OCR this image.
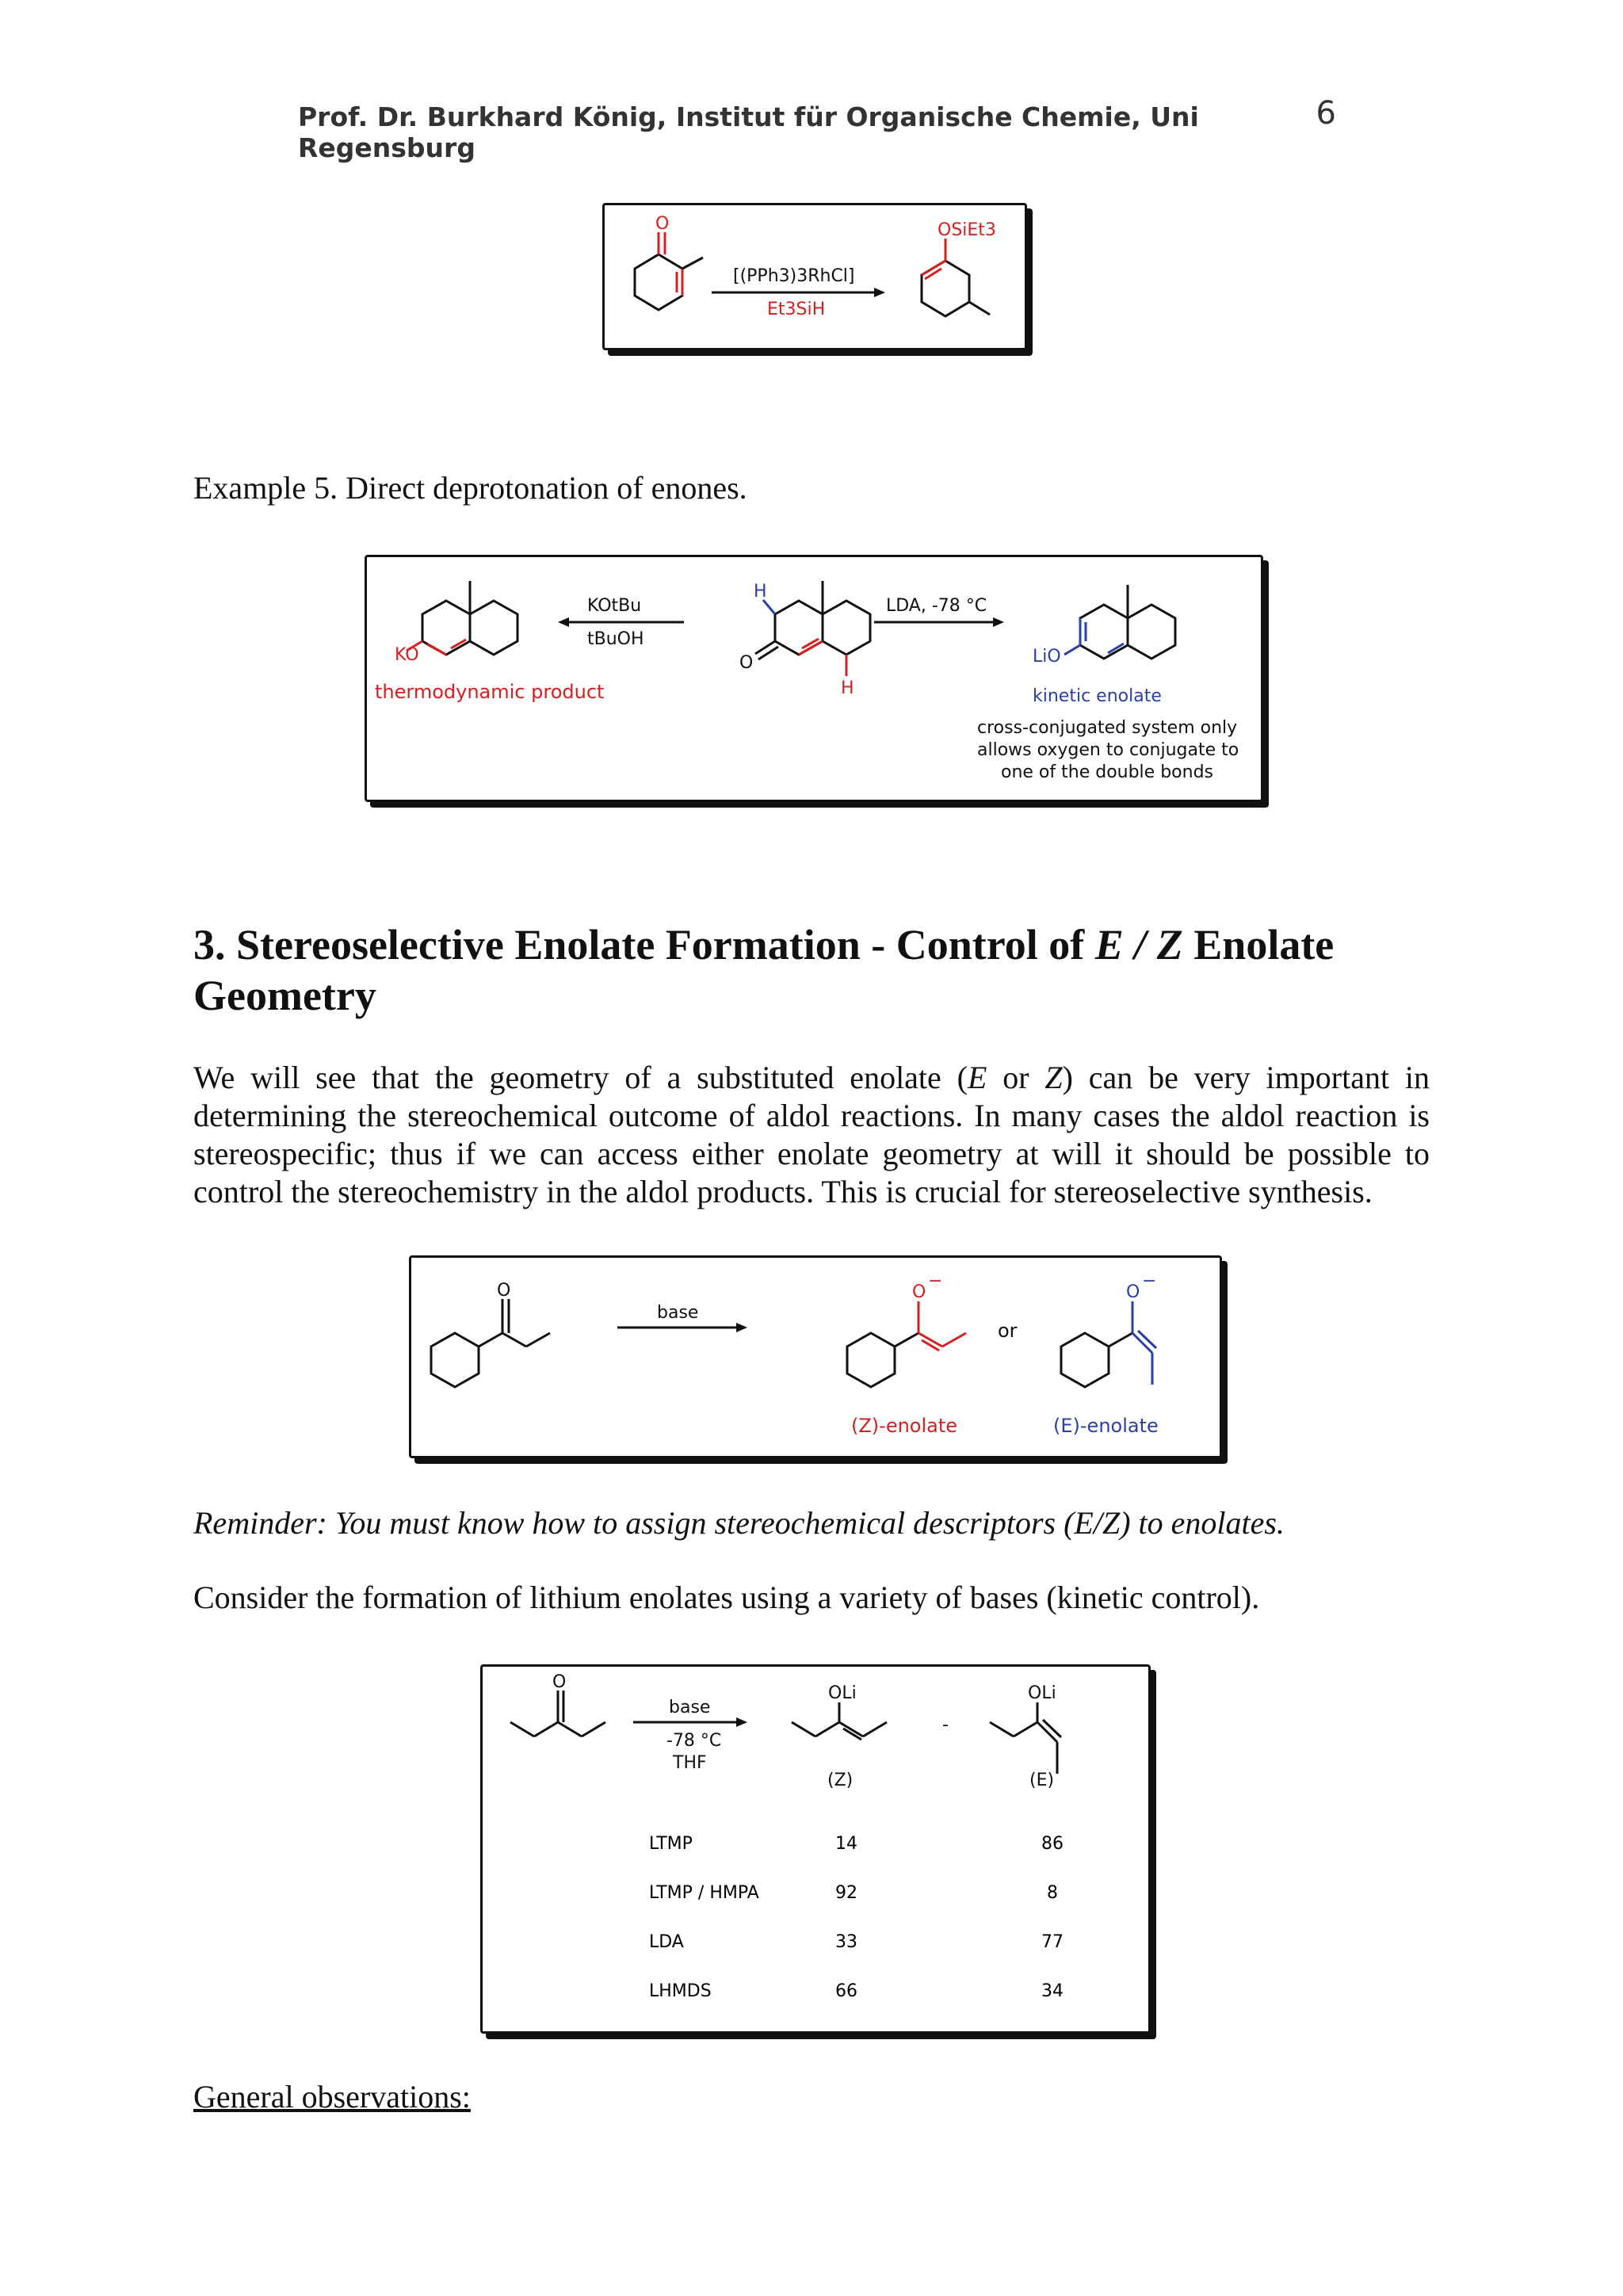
Prof. Dr. Burkhard König, Institut für Organische Chemie, Uni Regensburg
6
O
[(PPh3)3RhCl]
Et3SiH
OSiEt3
Example 5. Direct deprotonation of enones.
KO
thermodynamic product
KOtBu
tBuOH
O
H
H
LDA, -78 °C
LiO
kinetic enolate
cross-conjugated system only
allows oxygen to conjugate to
one of the double bonds
3. Stereoselective Enolate Formation - Control of E / Z Enolate Geometry
We will see that the geometry of a substituted enolate (E or Z) can be very important in determining the stereochemical outcome of aldol reactions. In many cases the aldol reaction is stereospecific; thus if we can access either enolate geometry at will it should be possible to control the stereochemistry in the aldol products. This is crucial for stereoselective synthesis.
O
base
O
−
or
O
−
(Z)-enolate	(E)-enolate
Reminder: You must know how to assign stereochemical descriptors (E/Z) to enolates.
Consider the formation of lithium enolates using a variety of bases (kinetic control).
O
base
-78 °C
THF
OLi
-
OLi
(Z)	(E)
LTMP	14	86
LTMP / HMPA	92	8
LDA	33	77
LHMDS	66	34
General observations:
